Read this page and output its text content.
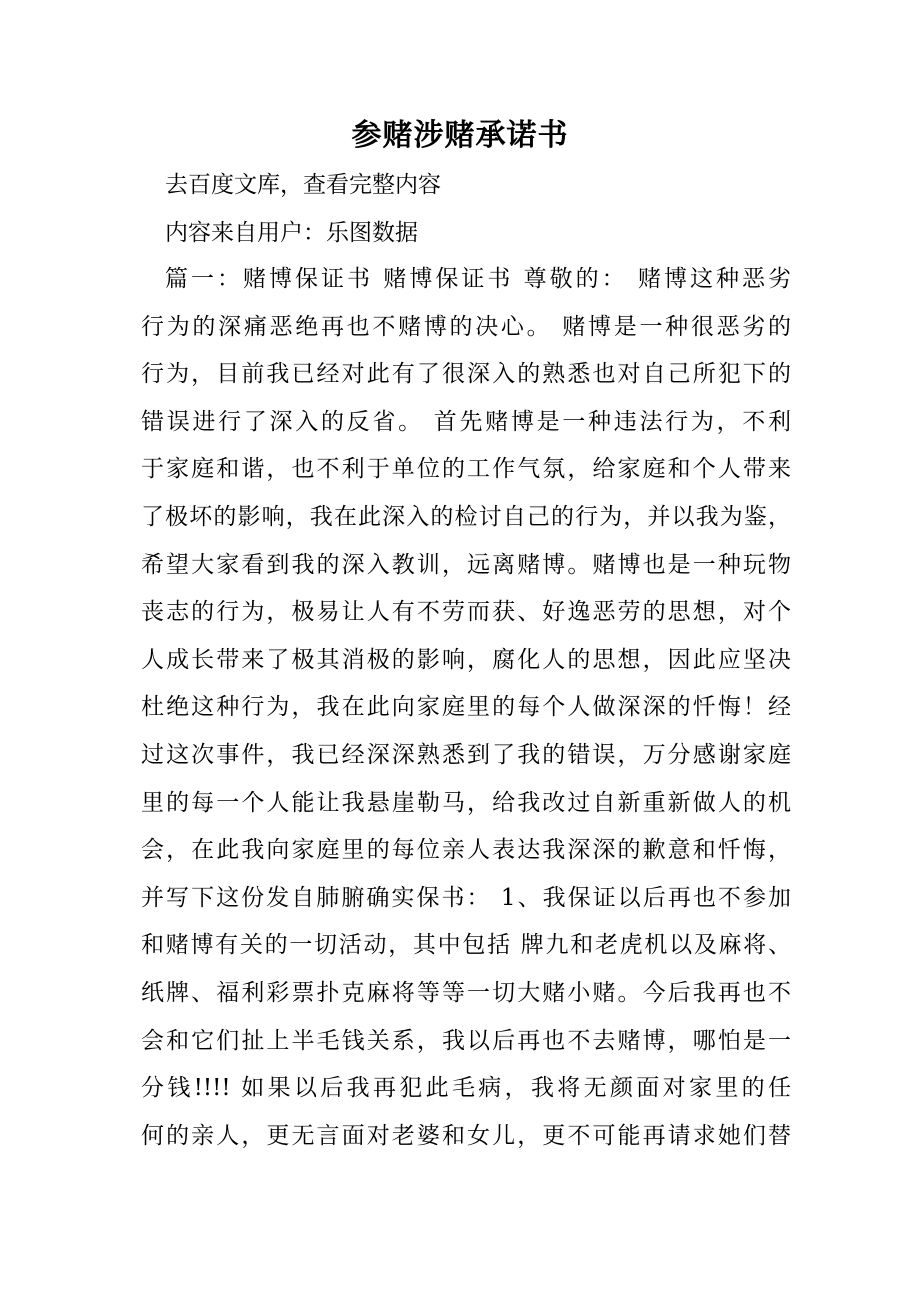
参赌涉赌承诺书
去百度文库，查看完整内容
内容来自用户：乐图数据
篇一：赌博保证书 赌博保证书 尊敬的： 赌博这种恶劣
行为的深痛恶绝再也不赌博的决心。 赌博是一种很恶劣的
行为，目前我已经对此有了很深入的熟悉也对自己所犯下的
错误进行了深入的反省。 首先赌博是一种违法行为，不利
于家庭和谐，也不利于单位的工作气氛，给家庭和个人带来
了极坏的影响，我在此深入的检讨自己的行为，并以我为鉴，
希望大家看到我的深入教训，远离赌博。赌博也是一种玩物
丧志的行为，极易让人有不劳而获、好逸恶劳的思想，对个
人成长带来了极其消极的影响，腐化人的思想，因此应坚决
杜绝这种行为，我在此向家庭里的每个人做深深的忏悔！经
过这次事件，我已经深深熟悉到了我的错误，万分感谢家庭
里的每一个人能让我悬崖勒马，给我改过自新重新做人的机
会，在此我向家庭里的每位亲人表达我深深的歉意和忏悔，
并写下这份发自肺腑确实保书： 1、我保证以后再也不参加
和赌博有关的一切活动，其中包括 牌九和老虎机以及麻将、
纸牌、福利彩票扑克麻将等等一切大赌小赌。今后我再也不
会和它们扯上半毛钱关系，我以后再也不去赌博，哪怕是一
分钱!!!! 如果以后我再犯此毛病，我将无颜面对家里的任
何的亲人，更无言面对老婆和女儿，更不可能再请求她们替
